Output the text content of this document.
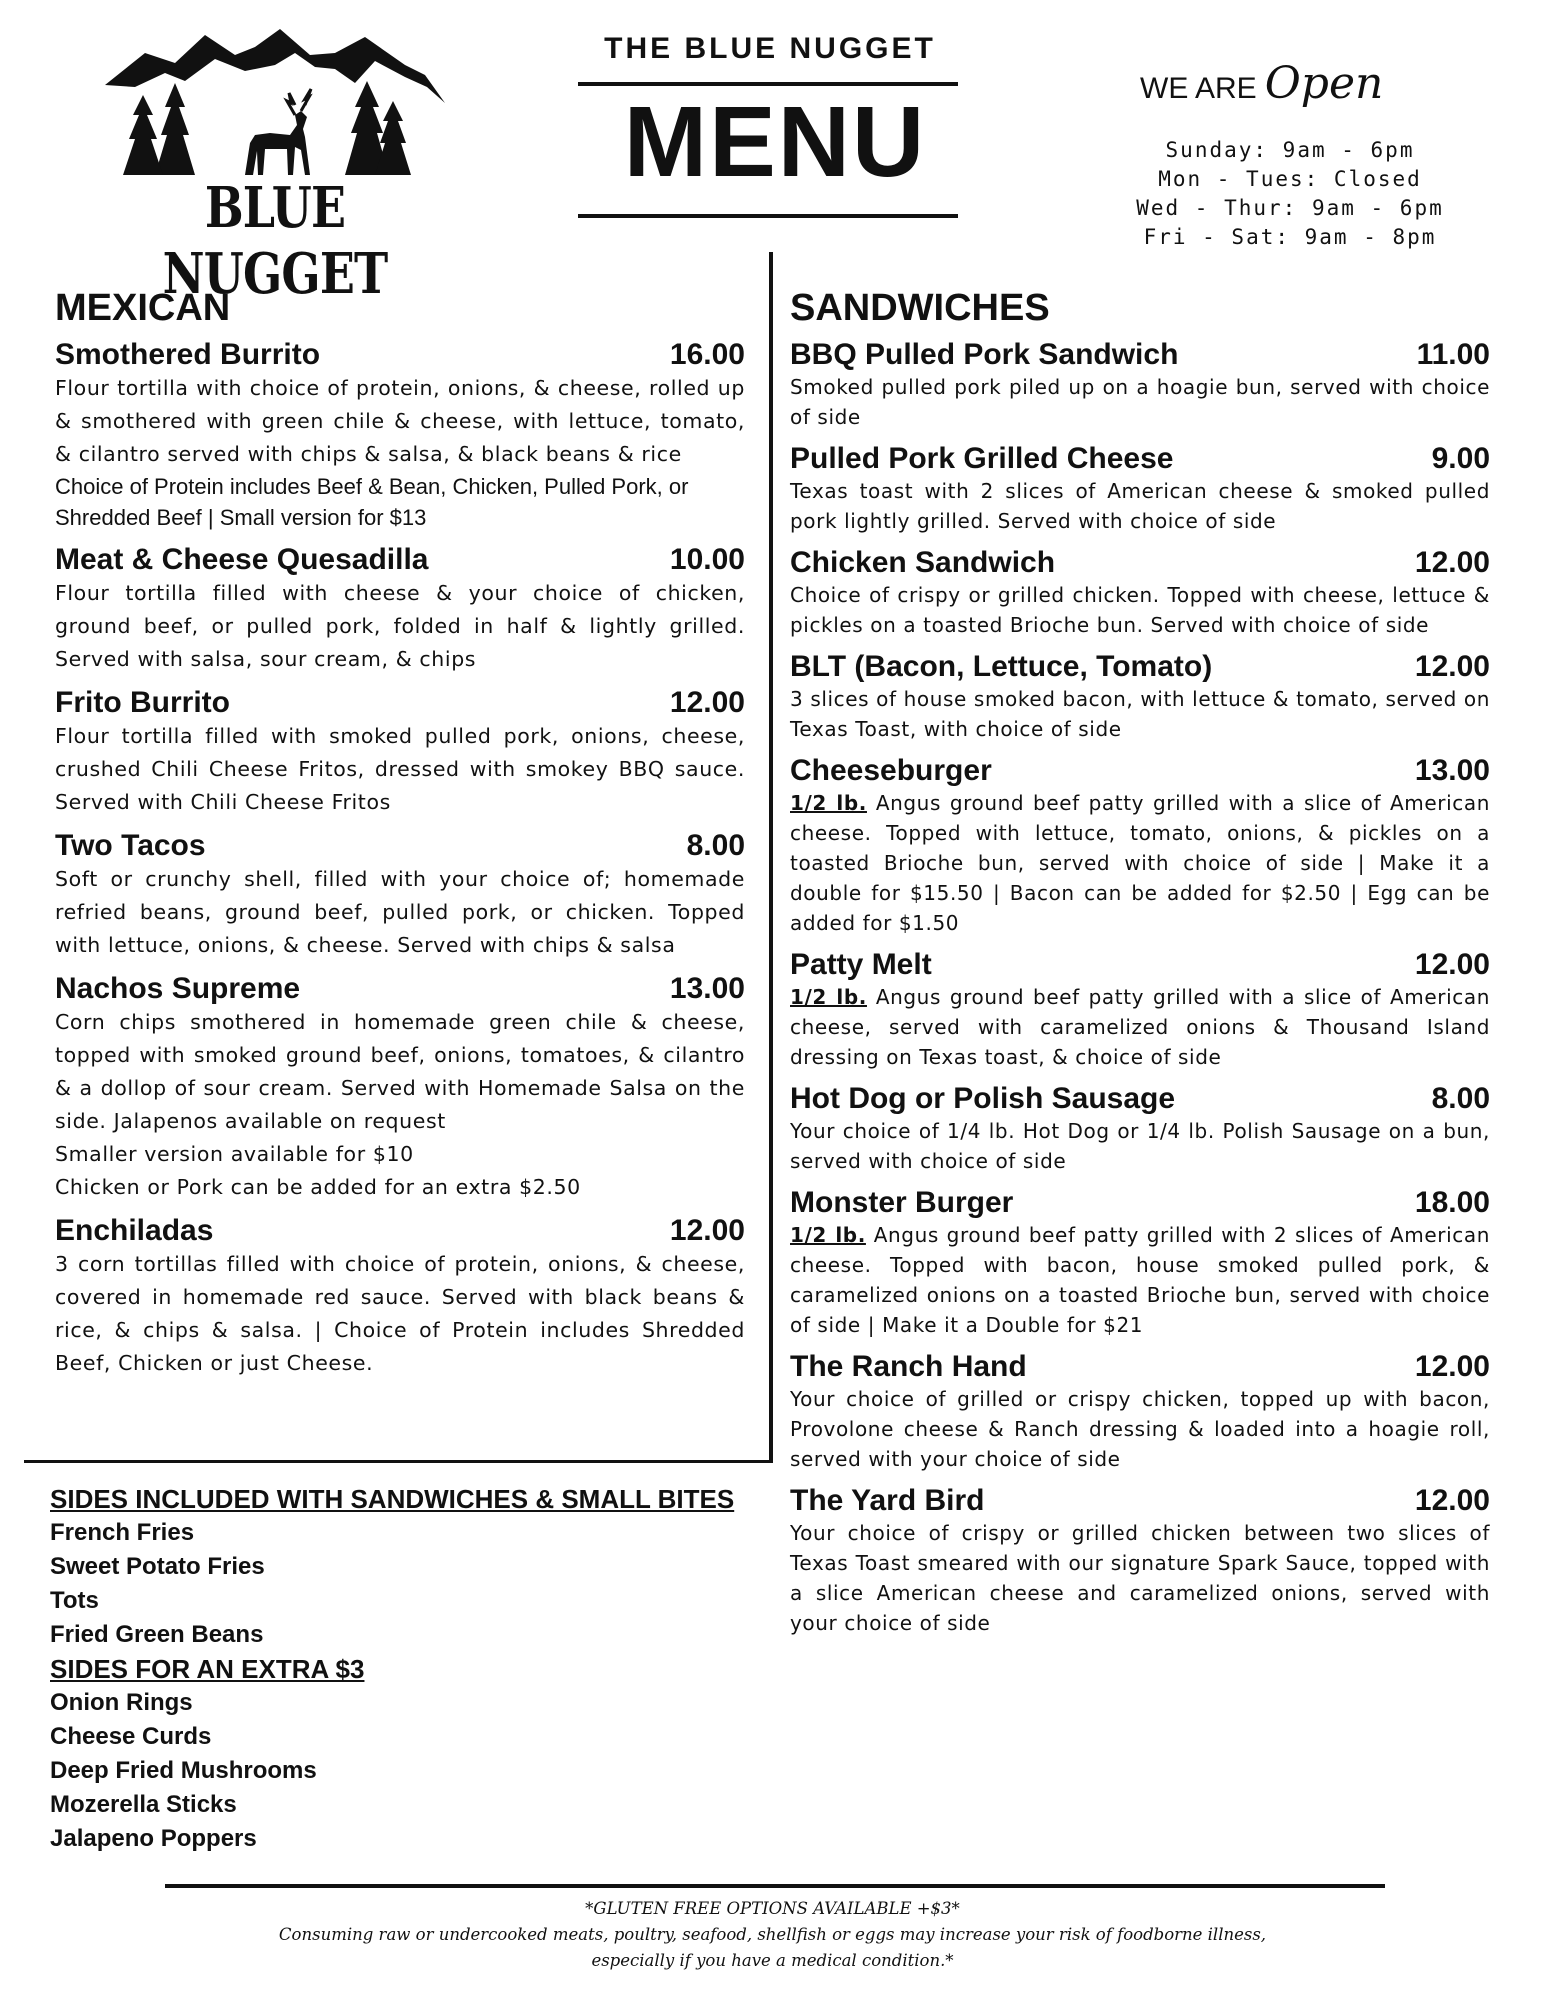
BLUE NUGGET
THE BLUE NUGGET
MENU	WE ARE Open
Sunday: 9am - 6pm
Mon - Tues: Closed
Wed - Thur: 9am - 6pm
Fri - Sat: 9am - 8pm
MEXICAN
Smothered Burrito	16.00
Flour tortilla with choice of protein, onions, & cheese, rolled up & smothered with green chile & cheese, with lettuce, tomato, & cilantro served with chips & salsa, & black beans & rice
Choice of Protein includes Beef & Bean, Chicken, Pulled Pork, or Shredded Beef | Small version for $13
Meat & Cheese Quesadilla	10.00
Flour tortilla filled with cheese & your choice of chicken, ground beef, or pulled pork, folded in half & lightly grilled. Served with salsa, sour cream, & chips
Frito Burrito	12.00
Flour tortilla filled with smoked pulled pork, onions, cheese, crushed Chili Cheese Fritos, dressed with smokey BBQ sauce. Served with Chili Cheese Fritos
Two Tacos	8.00
Soft or crunchy shell, filled with your choice of; homemade refried beans, ground beef, pulled pork, or chicken. Topped with lettuce, onions, & cheese. Served with chips & salsa
Nachos Supreme	13.00
Corn chips smothered in homemade green chile & cheese, topped with smoked ground beef, onions, tomatoes, & cilantro & a dollop of sour cream. Served with Homemade Salsa on the side. Jalapenos available on request
Smaller version available for $10
Chicken or Pork can be added for an extra $2.50
Enchiladas	12.00
3 corn tortillas filled with choice of protein, onions, & cheese, covered in homemade red sauce. Served with black beans & rice, & chips & salsa. | Choice of Protein includes Shredded Beef, Chicken or just Cheese.
SANDWICHES
BBQ Pulled Pork Sandwich	11.00
Smoked pulled pork piled up on a hoagie bun, served with choice of side
Pulled Pork Grilled Cheese	9.00
Texas toast with 2 slices of American cheese & smoked pulled pork lightly grilled. Served with choice of side
Chicken Sandwich	12.00
Choice of crispy or grilled chicken. Topped with cheese, lettuce & pickles on a toasted Brioche bun. Served with choice of side
BLT (Bacon, Lettuce, Tomato)	12.00
3 slices of house smoked bacon, with lettuce & tomato, served on Texas Toast, with choice of side
Cheeseburger	13.00
1/2 lb. Angus ground beef patty grilled with a slice of American cheese. Topped with lettuce, tomato, onions, & pickles on a toasted Brioche bun, served with choice of side | Make it a double for $15.50 | Bacon can be added for $2.50 | Egg can be added for $1.50
Patty Melt	12.00
1/2 lb. Angus ground beef patty grilled with a slice of American cheese, served with caramelized onions & Thousand Island dressing on Texas toast, & choice of side
Hot Dog or Polish Sausage	8.00
Your choice of 1/4 lb. Hot Dog or 1/4 lb. Polish Sausage on a bun, served with choice of side
Monster Burger	18.00
1/2 lb. Angus ground beef patty grilled with 2 slices of American cheese. Topped with bacon, house smoked pulled pork, & caramelized onions on a toasted Brioche bun, served with choice of side | Make it a Double for $21
The Ranch Hand	12.00
Your choice of grilled or crispy chicken, topped up with bacon, Provolone cheese & Ranch dressing & loaded into a hoagie roll, served with your choice of side
The Yard Bird	12.00
Your choice of crispy or grilled chicken between two slices of Texas Toast smeared with our signature Spark Sauce, topped with a slice American cheese and caramelized onions, served with your choice of side
SIDES INCLUDED WITH SANDWICHES & SMALL BITES
French Fries
Sweet Potato Fries
Tots
Fried Green Beans
SIDES FOR AN EXTRA $3
Onion Rings
Cheese Curds
Deep Fried Mushrooms
Mozerella Sticks
Jalapeno Poppers
*GLUTEN FREE OPTIONS AVAILABLE +$3*
Consuming raw or undercooked meats, poultry, seafood, shellfish or eggs may increase your risk of foodborne illness,
especially if you have a medical condition.*
